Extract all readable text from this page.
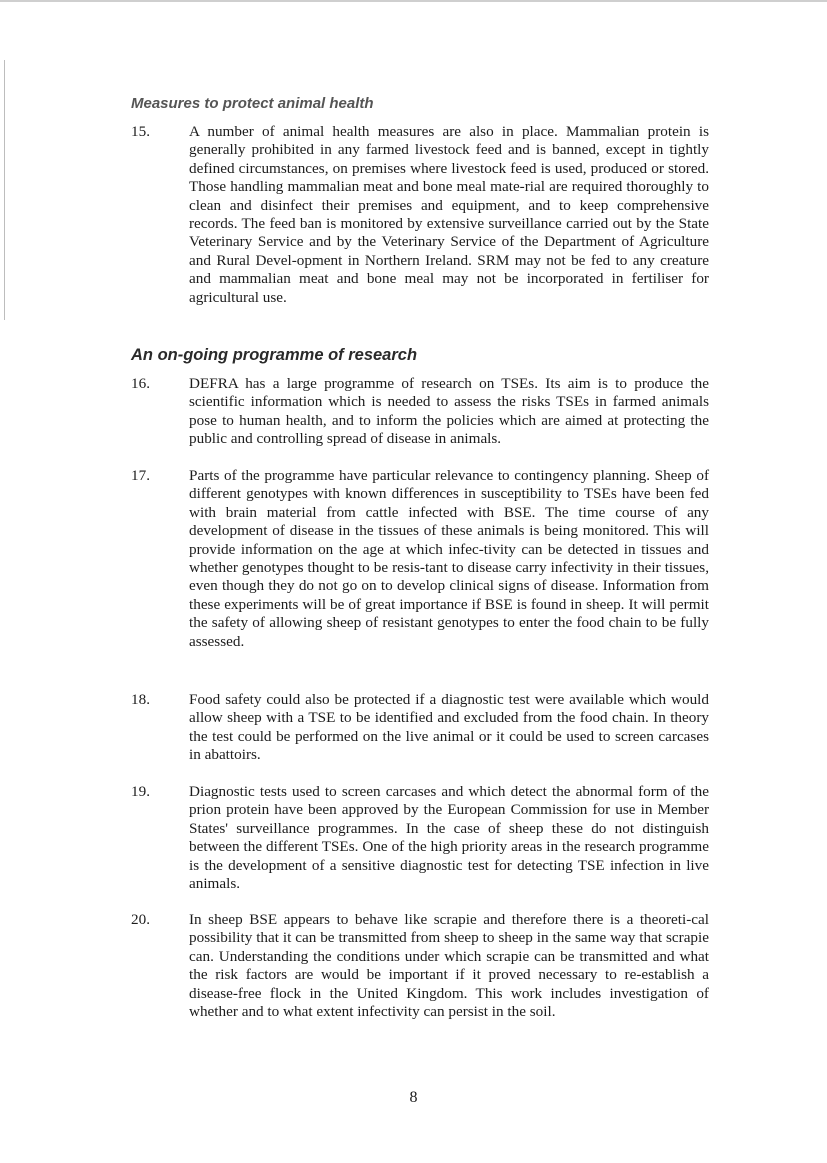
Measures to protect animal health
15.	A number of animal health measures are also in place. Mammalian protein is generally prohibited in any farmed livestock feed and is banned, except in tightly defined circumstances, on premises where livestock feed is used, produced or stored. Those handling mammalian meat and bone meal mate-rial are required thoroughly to clean and disinfect their premises and equipment, and to keep comprehensive records. The feed ban is monitored by extensive surveillance carried out by the State Veterinary Service and by the Veterinary Service of the Department of Agriculture and Rural Devel-opment in Northern Ireland. SRM may not be fed to any creature and mammalian meat and bone meal may not be incorporated in fertiliser for agricultural use.

An on-going programme of research
16.	DEFRA has a large programme of research on TSEs. Its aim is to produce the scientific information which is needed to assess the risks TSEs in farmed animals pose to human health, and to inform the policies which are aimed at protecting the public and controlling spread of disease in animals.

17.	Parts of the programme have particular relevance to contingency planning. Sheep of different genotypes with known differences in susceptibility to TSEs have been fed with brain material from cattle infected with BSE. The time course of any development of disease in the tissues of these animals is being monitored. This will provide information on the age at which infec-tivity can be detected in tissues and whether genotypes thought to be resis-tant to disease carry infectivity in their tissues, even though they do not go on to develop clinical signs of disease. Information from these experiments will be of great importance if BSE is found in sheep. It will permit the safety of allowing sheep of resistant genotypes to enter the food chain to be fully assessed.

18.	Food safety could also be protected if a diagnostic test were available which would allow sheep with a TSE to be identified and excluded from the food chain. In theory the test could be performed on the live animal or it could be used to screen carcases in abattoirs.

19.	Diagnostic tests used to screen carcases and which detect the abnormal form of the prion protein have been approved by the European Commission for use in Member States' surveillance programmes. In the case of sheep these do not distinguish between the different TSEs. One of the high priority areas in the research programme is the development of a sensitive diagnostic test for detecting TSE infection in live animals.

20.	In sheep BSE appears to behave like scrapie and therefore there is a theoreti-cal possibility that it can be transmitted from sheep to sheep in the same way that scrapie can. Understanding the conditions under which scrapie can be transmitted and what the risk factors are would be important if it proved necessary to re-establish a disease-free flock in the United Kingdom. This work includes investigation of whether and to what extent infectivity can persist in the soil.

8
